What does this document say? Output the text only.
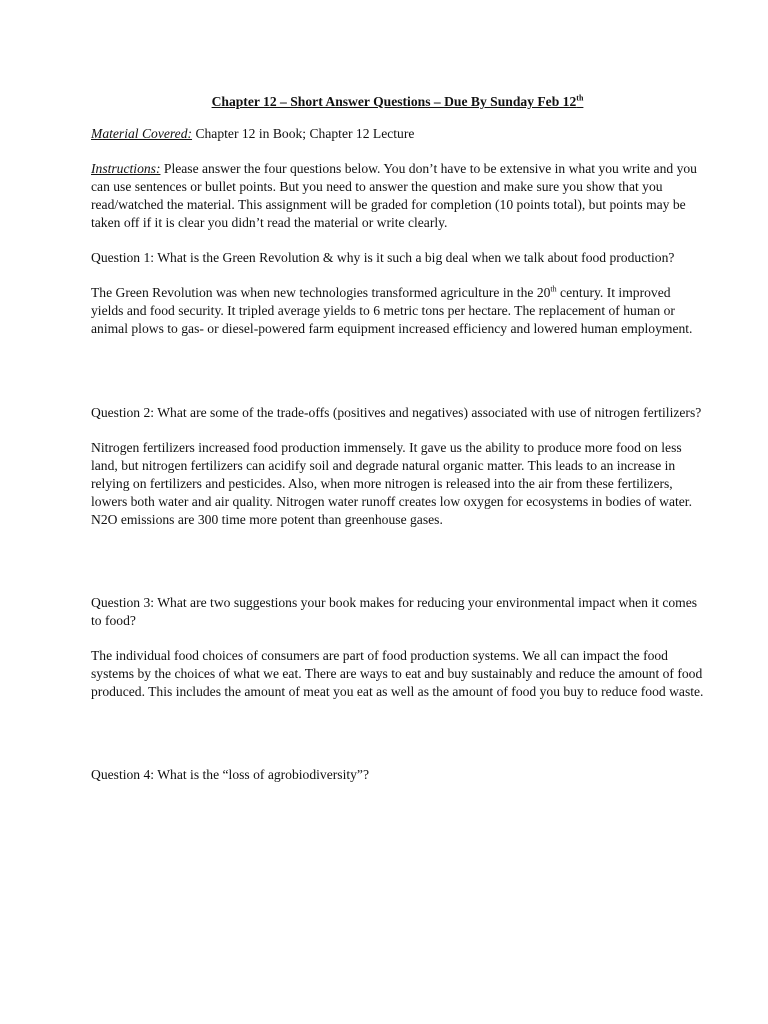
Chapter 12 – Short Answer Questions – Due By Sunday Feb 12th

Material Covered: Chapter 12 in Book; Chapter 12 Lecture

Instructions: Please answer the four questions below. You don’t have to be extensive in what you write and you can use sentences or bullet points. But you need to answer the question and make sure you show that you read/watched the material. This assignment will be graded for completion (10 points total), but points may be taken off if it is clear you didn’t read the material or write clearly.

Question 1: What is the Green Revolution & why is it such a big deal when we talk about food production?

The Green Revolution was when new technologies transformed agriculture in the 20th century. It improved yields and food security. It tripled average yields to 6 metric tons per hectare. The replacement of human or animal plows to gas- or diesel-powered farm equipment increased efficiency and lowered human employment.

Question 2: What are some of the trade-offs (positives and negatives) associated with use of nitrogen fertilizers?

Nitrogen fertilizers increased food production immensely. It gave us the ability to produce more food on less land, but nitrogen fertilizers can acidify soil and degrade natural organic matter. This leads to an increase in relying on fertilizers and pesticides. Also, when more nitrogen is released into the air from these fertilizers, lowers both water and air quality. Nitrogen water runoff creates low oxygen for ecosystems in bodies of water. N2O emissions are 300 time more potent than greenhouse gases.

Question 3: What are two suggestions your book makes for reducing your environmental impact when it comes to food?

The individual food choices of consumers are part of food production systems. We all can impact the food systems by the choices of what we eat. There are ways to eat and buy sustainably and reduce the amount of food produced. This includes the amount of meat you eat as well as the amount of food you buy to reduce food waste.

Question 4: What is the “loss of agrobiodiversity”?
